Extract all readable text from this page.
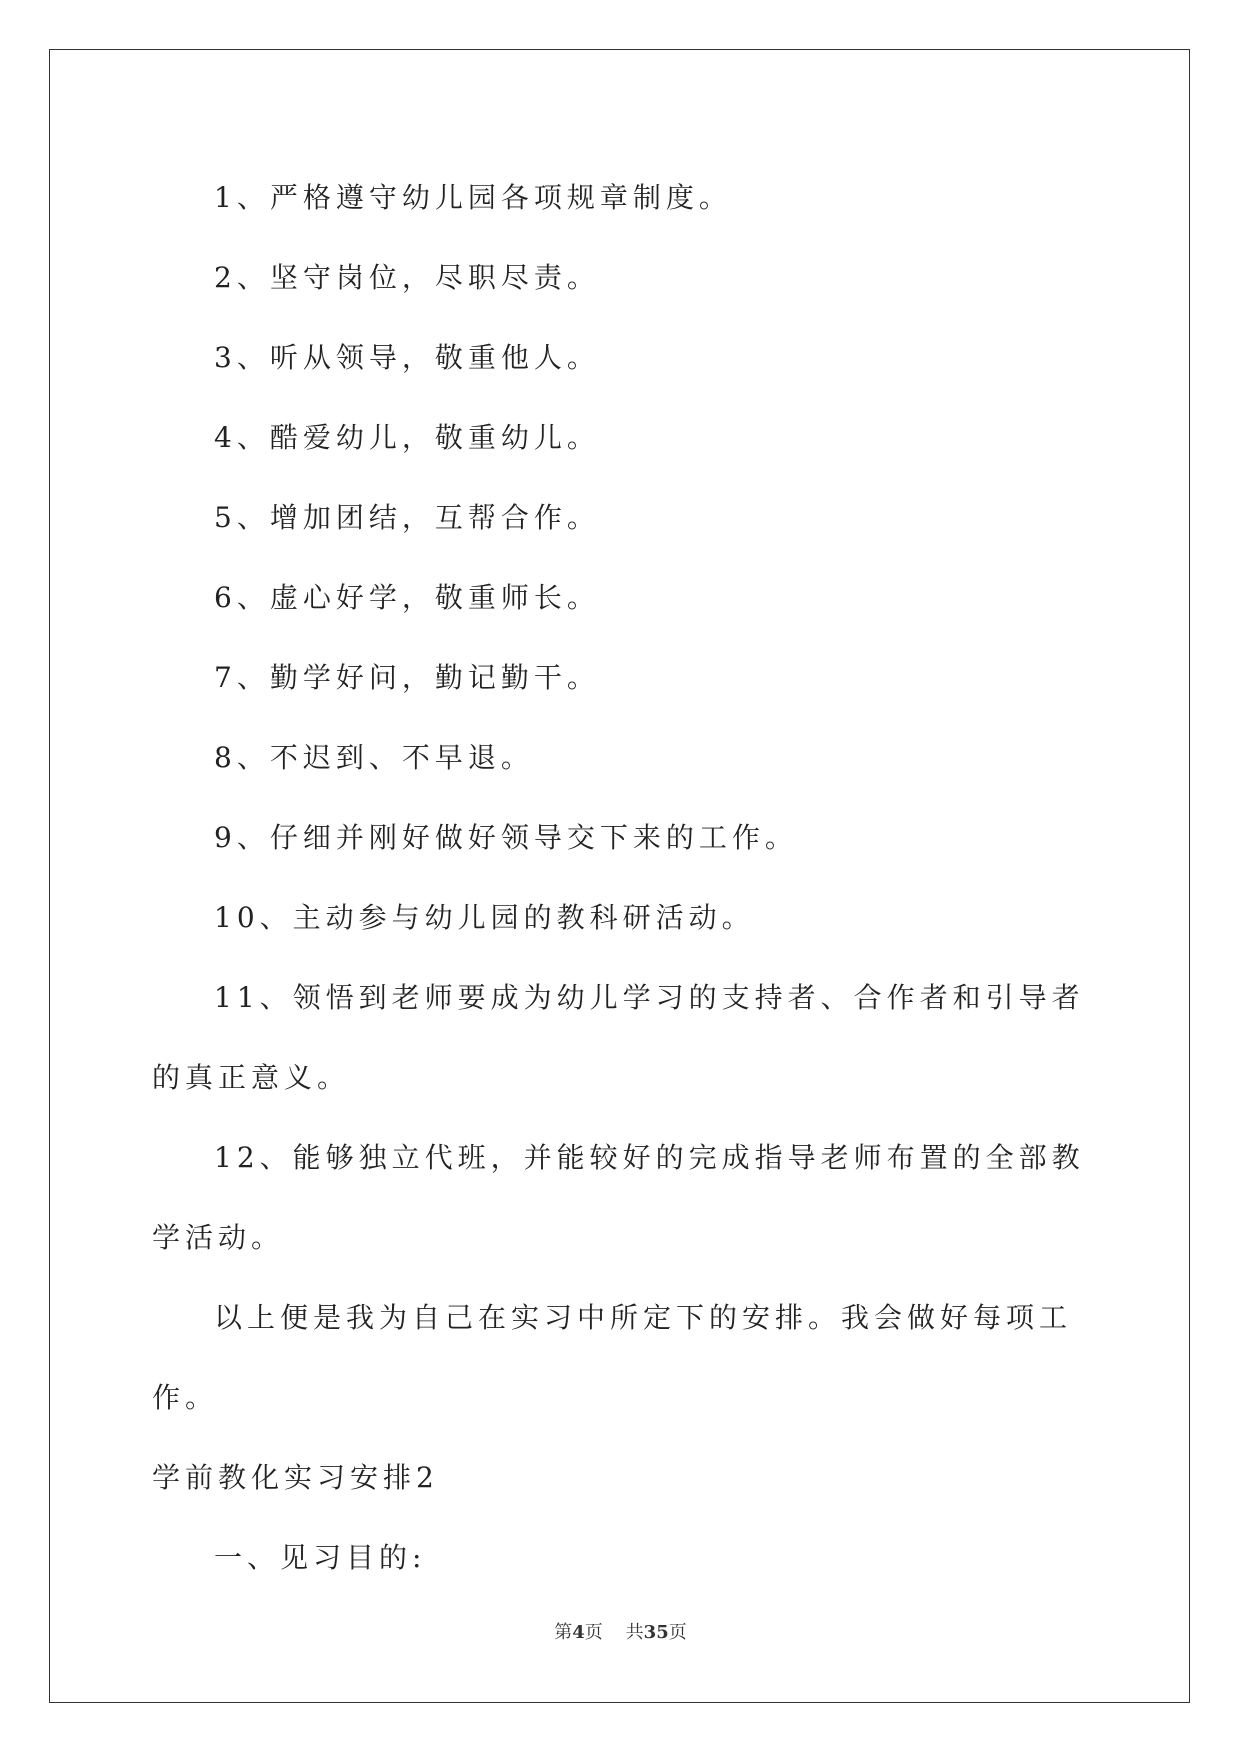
1、严格遵守幼儿园各项规章制度。

2、坚守岗位，尽职尽责。

3、听从领导，敬重他人。

4、酷爱幼儿，敬重幼儿。

5、增加团结，互帮合作。

6、虚心好学，敬重师长。

7、勤学好问，勤记勤干。

8、不迟到、不早退。

9、仔细并刚好做好领导交下来的工作。

10、主动参与幼儿园的教科研活动。

11、领悟到老师要成为幼儿学习的支持者、合作者和引导者的真正意义。

12、能够独立代班，并能较好的完成指导老师布置的全部教学活动。

以上便是我为自己在实习中所定下的安排。我会做好每项工作。

学前教化实习安排2

一、见习目的:

第4页 共35页
